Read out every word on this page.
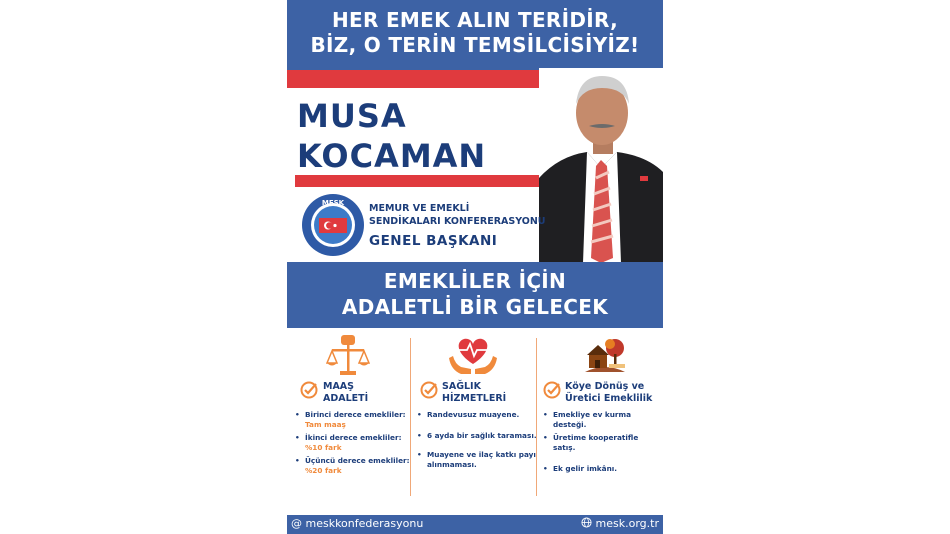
HER EMEK ALIN TERİDİR,
BİZ, O TERİN TEMSİLCİSİYİZ!
MUSA
KOCAMAN
MESK	MEMUR VE EMEKLİ
SENDİKALARI KONFERERASYONU
GENEL BAŞKANI
EMEKLİLER İÇİN
ADALETLİ BİR GELECEK
MAAŞ
ADALETİ
• Birinci derece emekliler:
Tam maaş
• İkinci derece emekliler:
%10 fark
• Üçüncü derece emekliler:
%20 fark
SAĞLIK
HİZMETLERİ
• Randevusuz muayene.
• 6 ayda bir sağlık taraması.
• Muayene ve ilaç katkı payı alınmaması.
Köye Dönüş ve
Üretici Emeklilik
• Emekliye ev kurma desteği.
• Üretime kooperatifle satış.
• Ek gelir imkânı.
@ meskkonfederasyonu	mesk.org.tr
